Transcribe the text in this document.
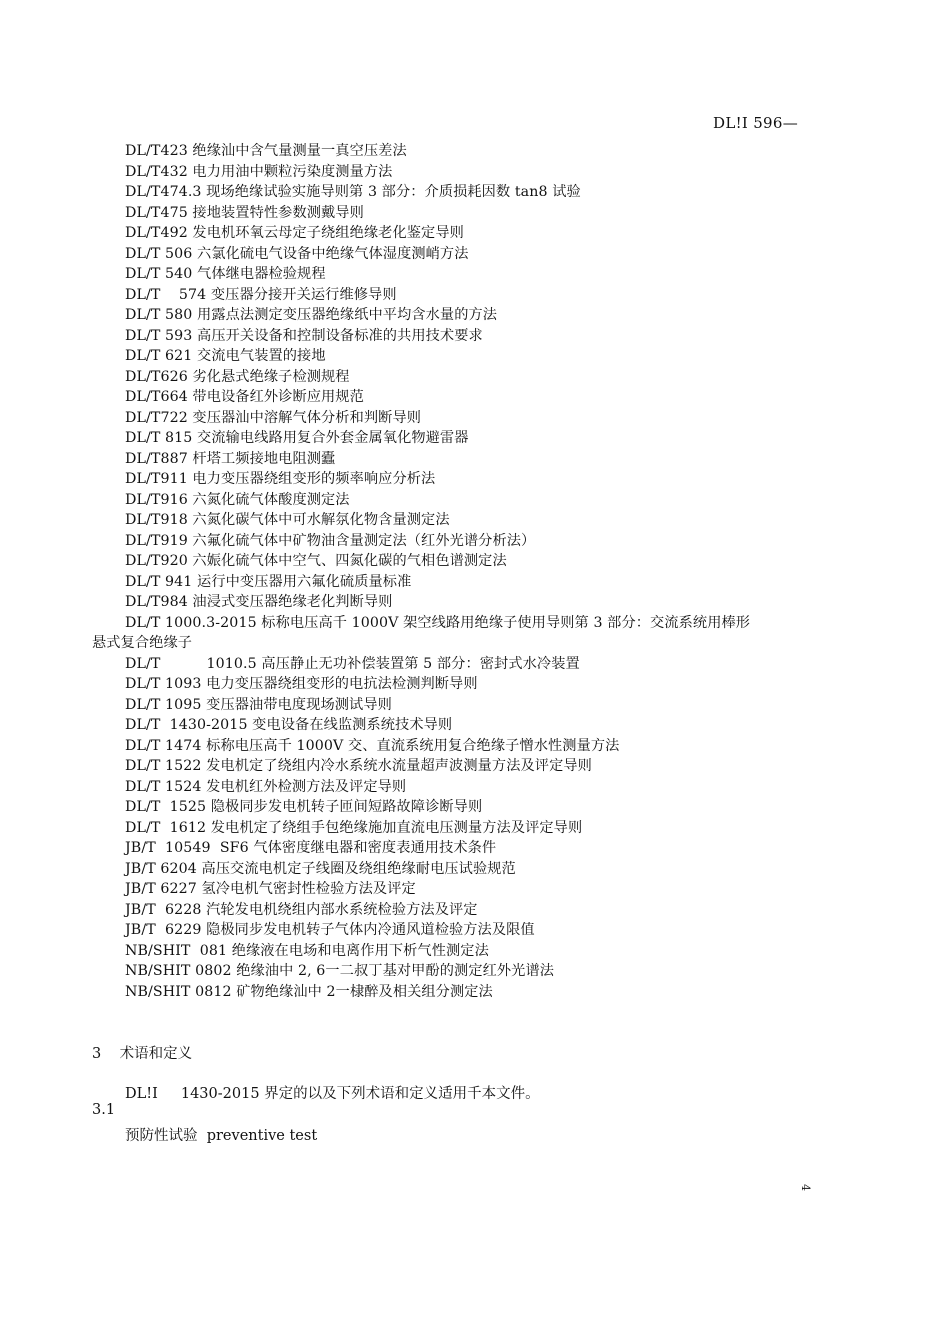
DL!I 596—
DL/T423 绝缘汕中含气量测量一真空压差法
DL/T432 电力用油中颗粒污染度测量方法
DL/T474.3 现场绝缘试验实施导则第 3 部分：介质损耗因数 tan8 试验
DL/T475 接地装置特性参数测戴导则
DL/T492 发电机环氧云母定子绕组绝缘老化鉴定导则
DL/T 506 六氯化硫电气设备中绝缘气体湿度测峭方法
DL/T 540 气体继电器检验规程
DL/T    574 变压器分接开关运行维修导则
DL/T 580 用露点法测定变压器绝缘纸中平均含水量的方法
DL/T 593 高压开关设备和控制设备标准的共用技术要求
DL/T 621 交流电气装置的接地
DL/T626 劣化悬式绝缘子检测规程
DL/T664 带电设备红外诊断应用规范
DL/T722 变压器汕中溶解气体分析和判断导则
DL/T 815 交流输电线路用复合外套金属氧化物避雷器
DL/T887 杆塔工频接地电阻测蠹
DL/T911 电力变压器绕组变形的频率响应分析法
DL/T916 六氮化硫气体酸度测定法
DL/T918 六氮化碳气体中可水解氛化物含量测定法
DL/T919 六氟化硫气体中矿物油含量测定法（红外光谱分析法）
DL/T920 六娠化硫气体中空气、四氮化碳的气相色谱测定法
DL/T 941 运行中变压器用六氟化硫质量标准
DL/T984 油浸式变压器绝缘老化判断导则
DL/T 1000.3-2015 标称电压高千 1000V 架空线路用绝缘子使用导则第 3 部分：交流系统用棒形
悬式复合绝缘子
DL/T          1010.5 高压静止无功补偿装置第 5 部分：密封式水冷装置
DL/T 1093 电力变压器绕组变形的电抗法检测判断导则
DL/T 1095 变压器油带电度现场测试导则
DL/T  1430-2015 变电设备在线监测系统技术导则
DL/T 1474 标称电压高千 1000V 交、直流系统用复合绝缘子憎水性测量方法
DL/T 1522 发电机定了绕组内冷水系统水流量超声波测量方法及评定导则
DL/T 1524 发电机红外检测方法及评定导则
DL/T  1525 隐极同步发电机转子匝间短路故障诊断导则
DL/T  1612 发电机定了绕组手包绝缘施加直流电压测量方法及评定导则
JB/T  10549  SF6 气体密度继电器和密度表通用技术条件
JB/T 6204 高压交流电机定子线圈及绕组绝缘耐电压试验规范
JB/T 6227 氢冷电机气密封性检验方法及评定
JB/T  6228 汽轮发电机绕组内部水系统检验方法及评定
JB/T  6229 隐极同步发电机转子气体内冷通风道检验方法及限值
NB/SHIT  081 绝缘液在电场和电离作用下析气性测定法
NB/SHIT 0802 绝缘油中 2, 6一二叔丁基对甲酚的测定红外光谱法
NB/SHIT 0812 矿物绝缘汕中 2一棣醉及相关组分测定法
3    术语和定义
DL!I     1430-2015 界定的以及下列术语和定义适用千本文件。
3.1
预防性试验  preventive test
4
